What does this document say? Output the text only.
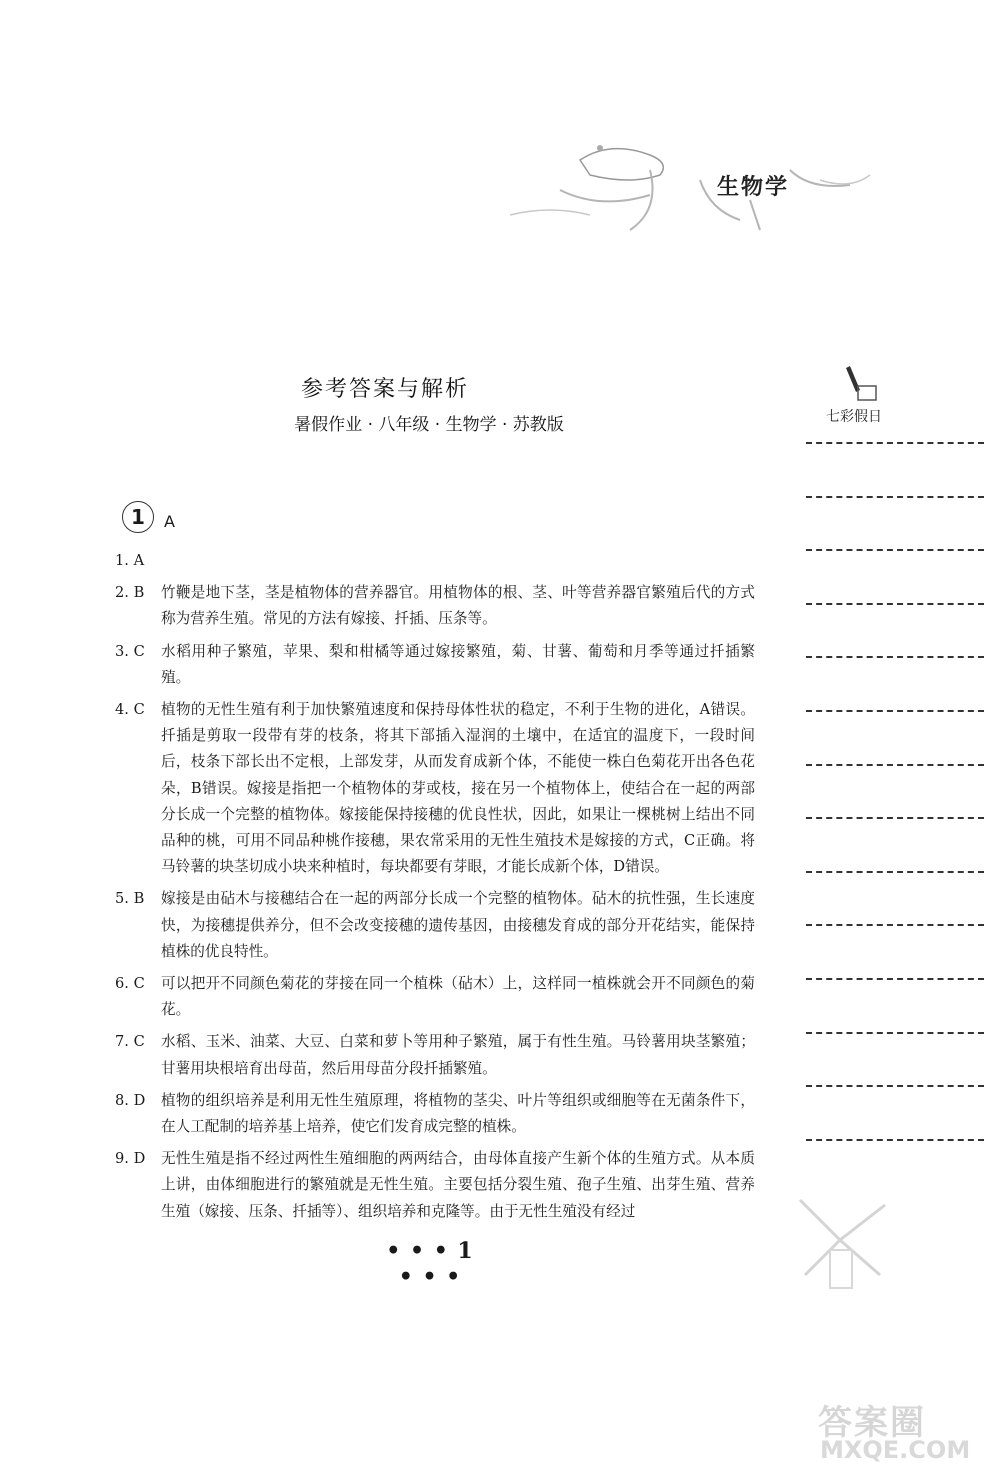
生物学
参考答案与解析
暑假作业 · 八年级 · 生物学 · 苏教版	七彩假日
1	A
1. A
2. B	竹鞭是地下茎，茎是植物体的营养器官。用植物体的根、茎、叶等营养器官繁殖后代的方式称为营养生殖。常见的方法有嫁接、扦插、压条等。
3. C	水稻用种子繁殖，苹果、梨和柑橘等通过嫁接繁殖，菊、甘薯、葡萄和月季等通过扦插繁殖。
4. C	植物的无性生殖有利于加快繁殖速度和保持母体性状的稳定，不利于生物的进化，A错误。扦插是剪取一段带有芽的枝条，将其下部插入湿润的土壤中，在适宜的温度下，一段时间后，枝条下部长出不定根，上部发芽，从而发育成新个体，不能使一株白色菊花开出各色花朵，B错误。嫁接是指把一个植物体的芽或枝，接在另一个植物体上，使结合在一起的两部分长成一个完整的植物体。嫁接能保持接穗的优良性状，因此，如果让一棵桃树上结出不同品种的桃，可用不同品种桃作接穗，果农常采用的无性生殖技术是嫁接的方式，C正确。将马铃薯的块茎切成小块来种植时，每块都要有芽眼，才能长成新个体，D错误。
5. B	嫁接是由砧木与接穗结合在一起的两部分长成一个完整的植物体。砧木的抗性强，生长速度快，为接穗提供养分，但不会改变接穗的遗传基因，由接穗发育成的部分开花结实，能保持植株的优良特性。
6. C	可以把开不同颜色菊花的芽接在同一个植株（砧木）上，这样同一植株就会开不同颜色的菊花。
7. C	水稻、玉米、油菜、大豆、白菜和萝卜等用种子繁殖，属于有性生殖。马铃薯用块茎繁殖；甘薯用块根培育出母苗，然后用母苗分段扦插繁殖。
8. D	植物的组织培养是利用无性生殖原理，将植物的茎尖、叶片等组织或细胞等在无菌条件下，在人工配制的培养基上培养，使它们发育成完整的植株。
9. D	无性生殖是指不经过两性生殖细胞的两两结合，由母体直接产生新个体的生殖方式。从本质上讲，由体细胞进行的繁殖就是无性生殖。主要包括分裂生殖、孢子生殖、出芽生殖、营养生殖（嫁接、压条、扦插等）、组织培养和克隆等。由于无性生殖没有经过
• • • 1 • • •
答案圈
MXQE.COM
